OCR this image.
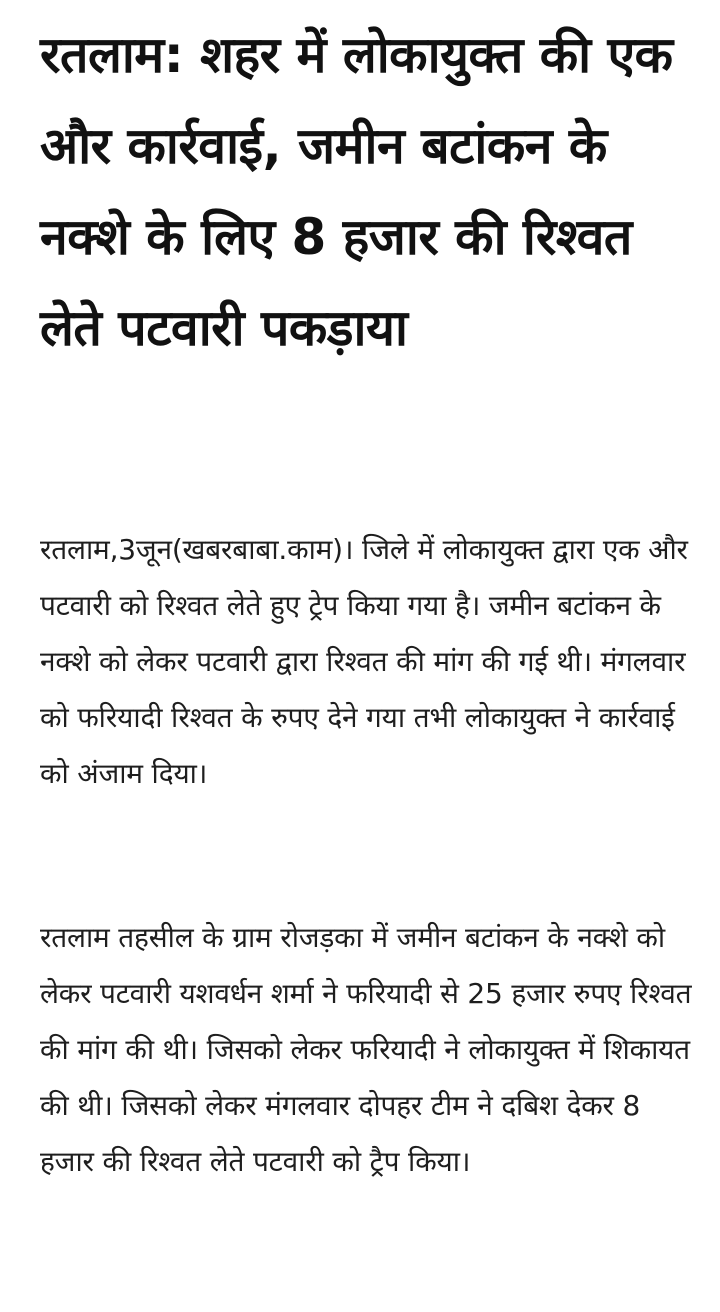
रतलाम: शहर में लोकायुक्त की एक और कार्रवाई, जमीन बटांकन के नक्शे के लिए 8 हजार की रिश्वत लेते पटवारी पकड़ाया

रतलाम,3जून(खबरबाबा.काम)। जिले में लोकायुक्त द्वारा एक और पटवारी को रिश्वत लेते हुए ट्रेप किया गया है। जमीन बटांकन के नक्शे को लेकर पटवारी द्वारा रिश्वत की मांग की गई थी। मंगलवार को फरियादी रिश्वत के रुपए देने गया तभी लोकायुक्त ने कार्रवाई को अंजाम दिया।

रतलाम तहसील के ग्राम रोजड़का में जमीन बटांकन के नक्शे को लेकर पटवारी यशवर्धन शर्मा ने फरियादी से 25 हजार रुपए रिश्वत की मांग की थी। जिसको लेकर फरियादी ने लोकायुक्त में शिकायत की थी। जिसको लेकर मंगलवार दोपहर टीम ने दबिश देकर 8 हजार की रिश्वत लेते पटवारी को ट्रैप किया।
